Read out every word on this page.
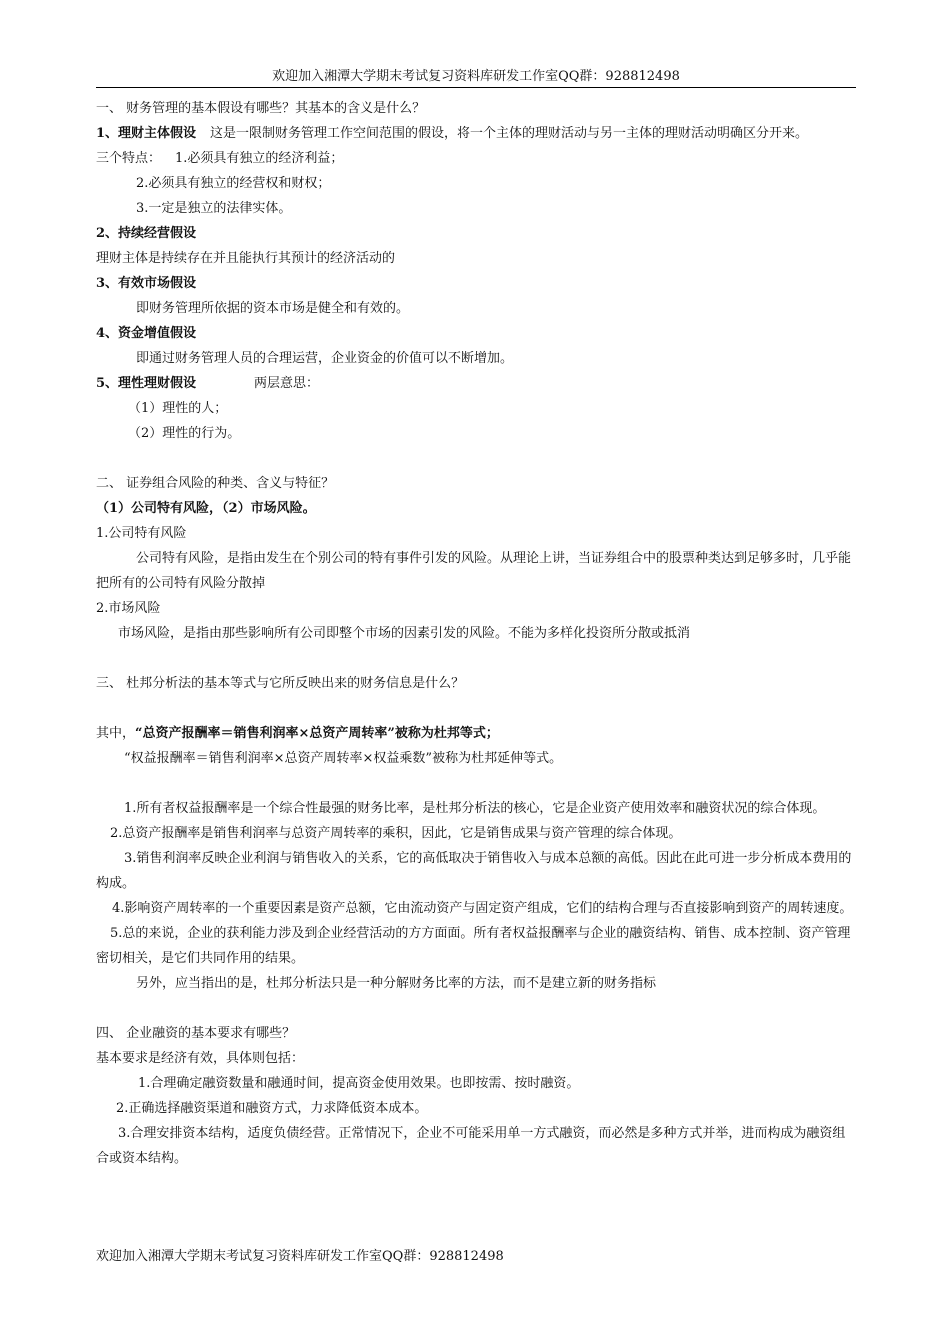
欢迎加入湘潭大学期末考试复习资料库研发工作室QQ群：928812498
一、 财务管理的基本假设有哪些？其基本的含义是什么？
1、理财主体假设 这是一限制财务管理工作空间范围的假设，将一个主体的理财活动与另一主体的理财活动明确区分开来。
三个特点： 1.必须具有独立的经济利益；
2.必须具有独立的经营权和财权；
3.一定是独立的法律实体。
2、持续经营假设
理财主体是持续存在并且能执行其预计的经济活动的
3、有效市场假设
即财务管理所依据的资本市场是健全和有效的。
4、资金增值假设
即通过财务管理人员的合理运营，企业资金的价值可以不断增加。
5、理性理财假设	两层意思：
（1）理性的人；
（2）理性的行为。
二、 证券组合风险的种类、含义与特征？
（1）公司特有风险，（2）市场风险。
1.公司特有风险
公司特有风险，是指由发生在个别公司的特有事件引发的风险。从理论上讲，当证券组合中的股票种类达到足够多时，几乎能把所有的公司特有风险分散掉
2.市场风险
市场风险，是指由那些影响所有公司即整个市场的因素引发的风险。不能为多样化投资所分散或抵消
三、 杜邦分析法的基本等式与它所反映出来的财务信息是什么？
其中，“总资产报酬率＝销售利润率×总资产周转率”被称为杜邦等式；
“权益报酬率＝销售利润率×总资产周转率×权益乘数”被称为杜邦延伸等式。
1.所有者权益报酬率是一个综合性最强的财务比率，是杜邦分析法的核心，它是企业资产使用效率和融资状况的综合体现。
2.总资产报酬率是销售利润率与总资产周转率的乘积，因此，它是销售成果与资产管理的综合体现。
3.销售利润率反映企业利润与销售收入的关系，它的高低取决于销售收入与成本总额的高低。因此在此可进一步分析成本费用的构成。
4.影响资产周转率的一个重要因素是资产总额，它由流动资产与固定资产组成，它们的结构合理与否直接影响到资产的周转速度。
5.总的来说，企业的获利能力涉及到企业经营活动的方方面面。所有者权益报酬率与企业的融资结构、销售、成本控制、资产管理密切相关，是它们共同作用的结果。
另外，应当指出的是，杜邦分析法只是一种分解财务比率的方法，而不是建立新的财务指标
四、 企业融资的基本要求有哪些？
基本要求是经济有效，具体则包括：
1.合理确定融资数量和融通时间，提高资金使用效果。也即按需、按时融资。
2.正确选择融资渠道和融资方式，力求降低资本成本。
3.合理安排资本结构，适度负债经营。正常情况下，企业不可能采用单一方式融资，而必然是多种方式并举，进而构成为融资组合或资本结构。
欢迎加入湘潭大学期末考试复习资料库研发工作室QQ群：928812498
